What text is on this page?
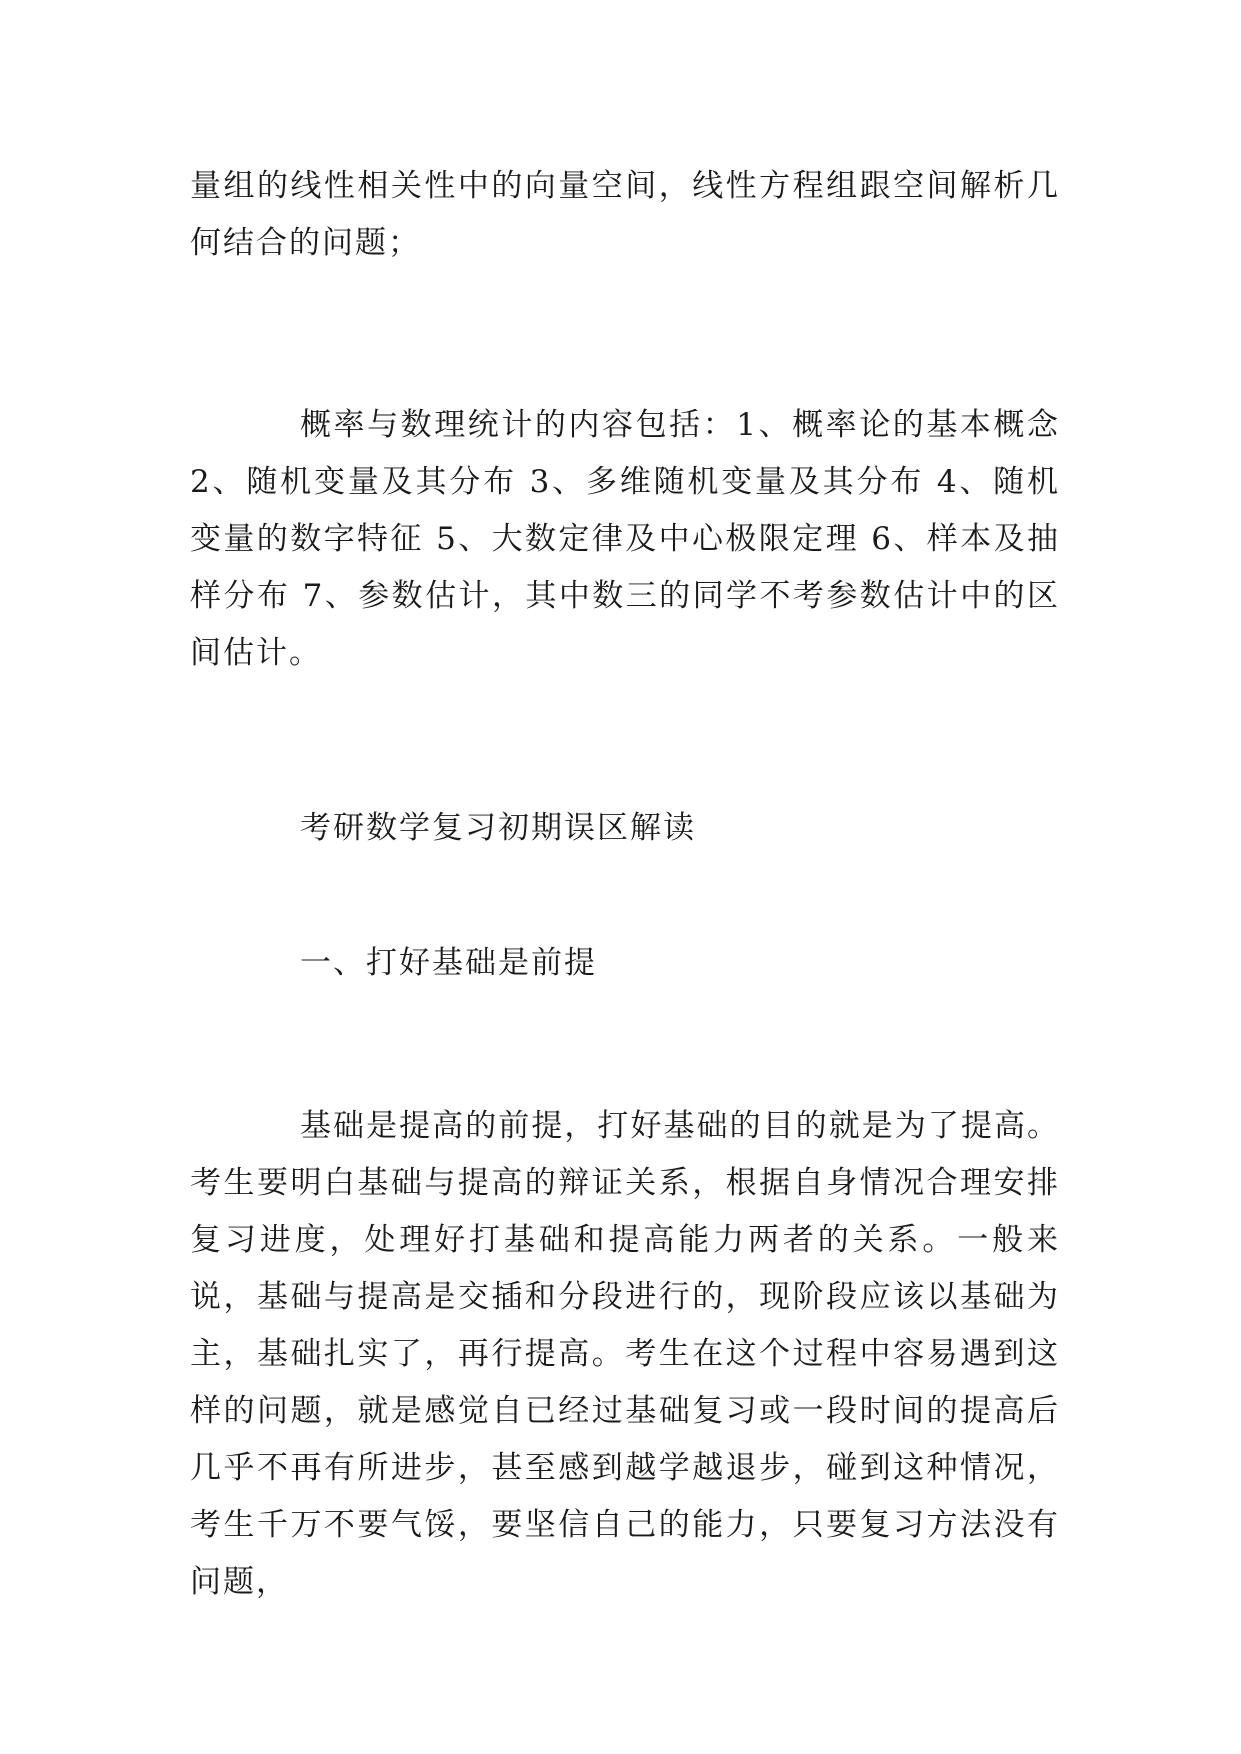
量组的线性相关性中的向量空间，线性方程组跟空间解析几何结合的问题；

概率与数理统计的内容包括：1、概率论的基本概念 2、随机变量及其分布 3、多维随机变量及其分布 4、随机变量的数字特征 5、大数定律及中心极限定理 6、样本及抽样分布 7、参数估计，其中数三的同学不考参数估计中的区间估计。

考研数学复习初期误区解读

一、打好基础是前提

基础是提高的前提，打好基础的目的就是为了提高。考生要明白基础与提高的辩证关系，根据自身情况合理安排复习进度，处理好打基础和提高能力两者的关系。一般来说，基础与提高是交插和分段进行的，现阶段应该以基础为主，基础扎实了，再行提高。考生在这个过程中容易遇到这样的问题，就是感觉自已经过基础复习或一段时间的提高后几乎不再有所进步，甚至感到越学越退步，碰到这种情况，考生千万不要气馁，要坚信自己的能力，只要复习方法没有问题，
